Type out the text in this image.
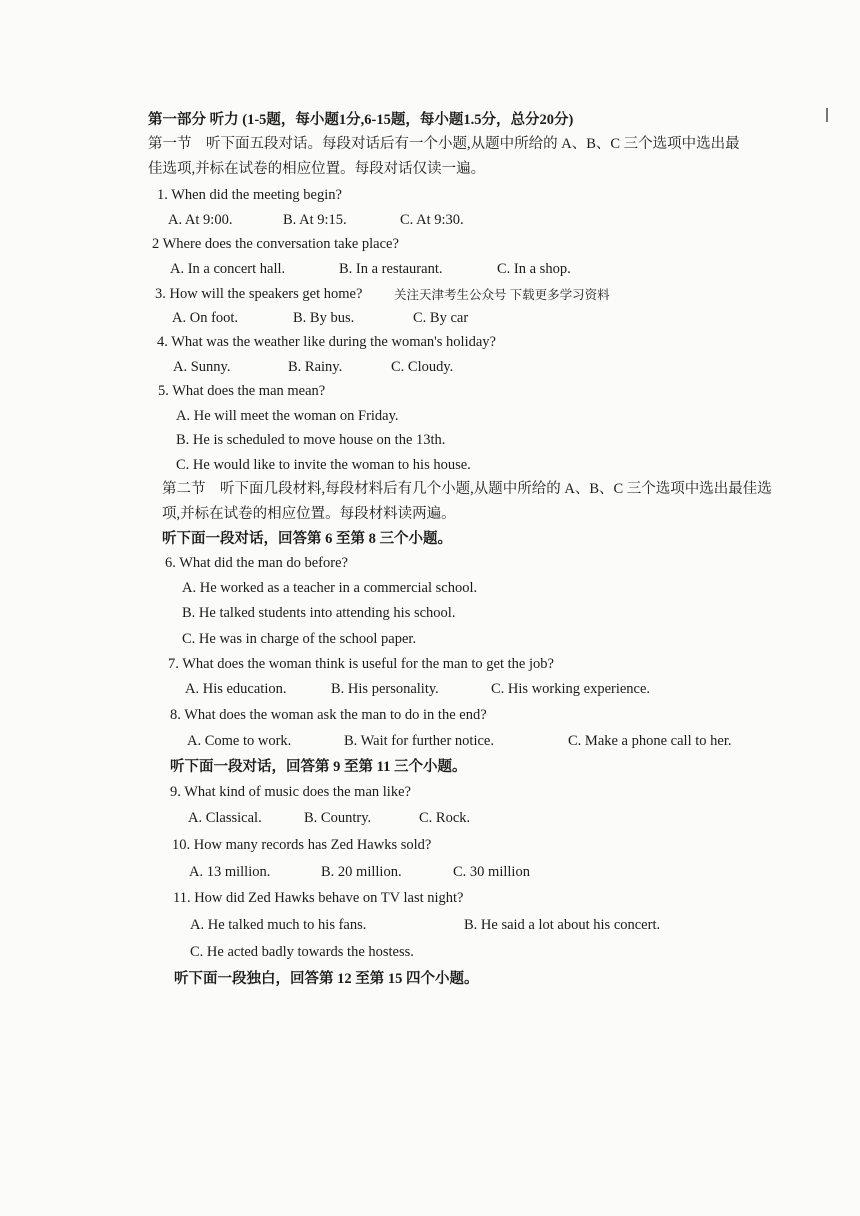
第一部分 听力 (1-5题，每小题1分,6-15题，每小题1.5分，总分20分)
第一节　听下面五段对话。每段对话后有一个小题,从题中所给的 A、B、C 三个选项中选出最
佳选项,并标在试卷的相应位置。每段对话仅读一遍。
1. When did the meeting begin?
A. At 9:00.	B. At 9:15.	C. At 9:30.
2 Where does the conversation take place?
A. In a concert hall.	B. In a restaurant.	C. In a shop.
3. How will the speakers get home?	关注天津考生公众号 下载更多学习资料
A. On foot.	B. By bus.	C. By car
4. What was the weather like during the woman's holiday?
A. Sunny.	B. Rainy.	C. Cloudy.
5. What does the man mean?
A. He will meet the woman on Friday.
B. He is scheduled to move house on the 13th.
C. He would like to invite the woman to his house.
第二节　听下面几段材料,每段材料后有几个小题,从题中所给的 A、B、C 三个选项中选出最佳选
项,并标在试卷的相应位置。每段材料读两遍。
听下面一段对话，回答第 6 至第 8 三个小题。
6. What did the man do before?
A. He worked as a teacher in a commercial school.
B. He talked students into attending his school.
C. He was in charge of the school paper.
7. What does the woman think is useful for the man to get the job?
A. His education.	B. His personality.	C. His working experience.
8. What does the woman ask the man to do in the end?
A. Come to work.	B. Wait for further notice.	C. Make a phone call to her.
听下面一段对话，回答第 9 至第 11 三个小题。
9. What kind of music does the man like?
A. Classical.	B. Country.	C. Rock.
10. How many records has Zed Hawks sold?
A. 13 million.	B. 20 million.	C. 30 million
11. How did Zed Hawks behave on TV last night?
A. He talked much to his fans.	B. He said a lot about his concert.
C. He acted badly towards the hostess.
听下面一段独白，回答第 12 至第 15 四个小题。
